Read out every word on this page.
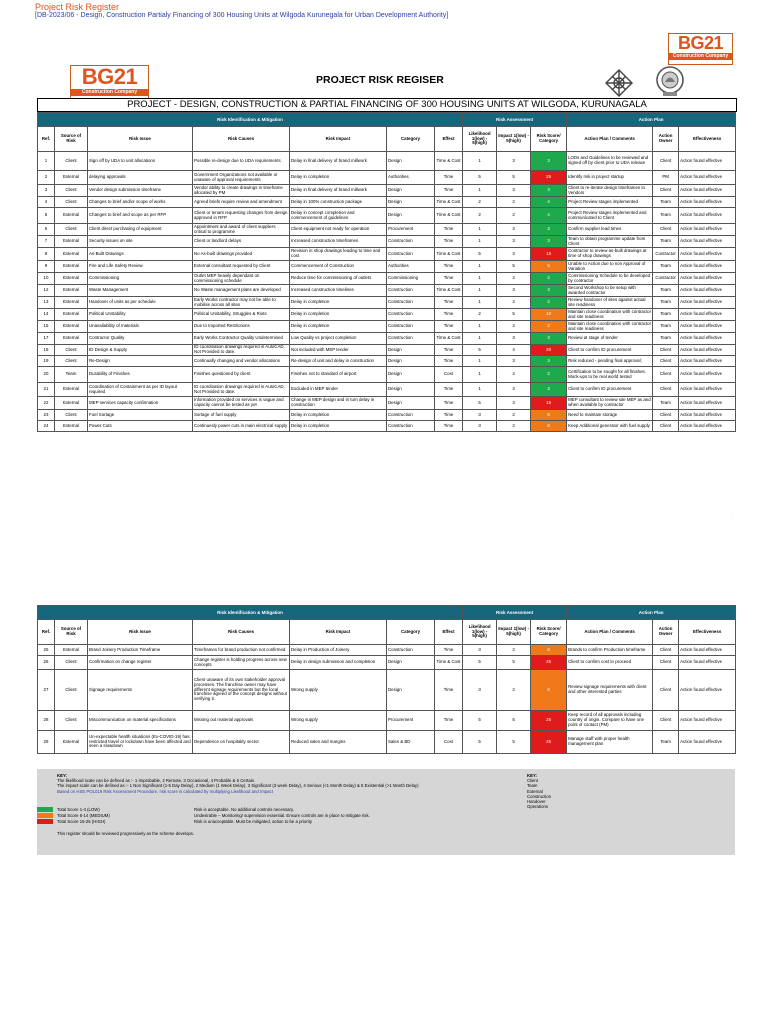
Project Risk Register
[DB-2023/06 - Design, Construction Partialy Financing of 300 Housing Units at Wilgoda Kurunegala for Urban Development Authority]
BG21
Construction Company
BG21
Construction Company
PROJECT RISK REGISER
PROJECT - DESIGN, CONSTRUCTION & PARTIAL FINANCING OF 300 HOUSING UNITS AT WILGODA, KURUNAGALA
Risk Identification & Mitigation							Risk Assessment			Action Plan		
Ref.	Source of Risk	Risk Issue	Risk Causes	Risk Impact	Category	Effect	Likelihood 1(low) - 5(high)	Impact 1(low) - 5(high)	Risk Score/ Category	Action Plan / Comments	Action Owner	Effectiveness
1	Client	Sign off by UDA to unit allocations	Possible re-design due to UDA requirements	Delay in final delivery of brand millwork	Design	Time & Cost	1	3	3	LODs and Guidelines to be reviewed and signed off by client prior to UDA release	Client	Action found effective
2	External	delaying approvals	Government Organizations not available or unaware of approval requirements	Delay in completion	Authorities	Time	5	5	25	Identify risk in project startup	PM	Action found effective
3	Client	Vendor design submission timeframe	Vendor ability to create drawings in timeframe allocated by PM	Delay in final delivery of brand millwork	Design	Time	1	3	3	Client to re-iterate design timeframes to Vendors	Client	Action found effective
4	Client	Changes to brief and/or scope of works	Agreed briefs require review and amendment	Delay in 100% construction package	Design	Time & Cost	2	2	4	Project Review stages implemented	Team	Action found effective
5	External	Changes to brief and scope as per RFP	Client or tenant requesting changes from design approved in RFP	Delay in concept completion and commencement of guidelines	Design	Time & Cost	2	2	4	Project Review stages implemented and communicated to Client	Team	Action found effective
6	Client	Client direct purchasing of equipment	Appointment and award of client suppliers critical to programme	Client equipment not ready for operation	Procurement	Time	1	3	3	Confirm supplier lead times	Client	Action found effective
7	External	Security issues on site	Client or landlord delays	Increased construction timeframes	Construction	Time	1	3	3	Team to obtain programme update from Client	Team	Action found effective
8	External	As-Built Drawings	No As-built drawings provided	Revision in shop drawings leading to time and cost	Construction	Time & Cost	5	3	15	Contractor to review as-built drawings at time of shop drawings	Contractor	Action found effective
9	External	Fire and Life Safety Review	External consultant requested by Client	Commencement of Construction	Authorities	Time	1	5	5	Unable to Action due to non Approval of Variation	Team	Action found effective
10	External	Commissioning	Outlet MEP heavily dependant on commissioning schedule	Reduce time for commissioning of outlets	Commissioning	Time	1	2	2	Commissioning Schedule to be developed by contractor	Contractor	Action found effective
12	External	Waste Management	No Waste management plans are developed	Increased construction timelines	Construction	Time & Cost	1	3	3	Second Workshop to be setup with awarded contractor	Team	Action found effective
13	External	Handover of units as per schedule	Early Works contractor may not be able to mobilise across all sites	Delay in completion	Construction	Time	1	2	2	Review handover of sites against actual site readiness	Team	Action found effective
14	External	Political Unstability	Political Unstability, Struggles & Riots	Delay in completion	Construction	Time	2	5	10	Maintain close coordination with contractor and site readiness	Team	Action found effective
15	External	Unavailability of materials	Due to Imported Restrictions	Delay in completion	Construction	Time	1	2	2	Maintain close coordination with contractor and site readiness	Team	Action found effective
17	External	Contractor Quality	Early Works Contractor Quality Undetermined	Low Quality vs project completion	Construction	Time & Cost	1	3	3	Review at stage of tender	Team	Action found effective
18	Client	ID Design & Supply	ID coordination drawings required in AutoCAD. Not Provided to date.	Not included with MEP tender	Design	Time	5	4	20	Client to confirm ID procurement	Client	Action found effective
19	Client	Re-Design	Continually changing and vendor allocations	Re-design of unit and delay in construction	Design	Time	1	3	3	Risk reduced - pending final approval;	Client	Action found effective
20	Team	Durability of Finishes	Finishes questioned by client	Finishes not to standard of airport	Design	Cost	1	2	2	Certification to be sought for all finishes. Mock-ups to be real world tested	Client	Action found effective
21	External	Coordination of Containment as per ID layout required	ID coordination drawings required in AutoCAD. Not Provided to date.	Excluded in MEP tender	Design	Time	1	3	3	Client to confirm ID procurement	Client	Action found effective
22	External	MEP services capacity confirmation	Information provided on services is vague and capacity cannot be tested as yet	Change in MEP design and in turn delay in construction	Design	Time	5	3	15	MEP consultant to review site MEP as and when available by contractor	Team	Action found effective
23	Client	Fuel Sortage	Sortage of fuel supply	Delay in completion	Construction	Time	3	2	6	Need to maintain storage	Client	Action found effective
24	External	Power Cuts	Continuesly power cuts in main electrical supply	Delay in completion	Construction	Time	3	2	6	Keep Additional generator with fuel supply	Client	Action found effective
·
Risk Identification & Mitigation							Risk Assessment			Action Plan		
Ref.	Source of Risk	Risk Issue	Risk Causes	Risk Impact	Category	Effect	Likelihood 1(low) - 5(high)	Impact 1(low) - 5(high)	Risk Score/ Category	Action Plan / Comments	Action Owner	Effectiveness
25	External	Brand Joinery Production Timeframe	Timeframes for brand production not confirmed	Delay in Production of Joinery	Construction	Time	3	2	6	Brands to confirm Production timeframe	Client	Action found effective
26	Client	Confirmation on change register	Change register is holding progress across new concepts	Delay in design submission and completion	Design	Time & Cost	5	5	25	Client to confirm cost to proceed	Client	Action found effective
27	Client	Signage requirements	Client unaware of its own stakeholder approval processes. The franchise owner may have different signage requirements but the local franchise agreed of the concept designs without verifying it.	Wrong supply	Design	Time	3	2	6	Review signage requirements with client and other interested parties	Client	Action found effective
28	Client	Miscommunication on material specifications	Missing out material approvals	Wrong supply	Procurement	Time	5	5	25	Keep record of all approvals including country of origin. Compare to have one point of contact (PM)	Client	Action found effective
29	External	Un-expectable health situations (Ex-COVID-19) has restricted travel or lockdown have been affected and seen a slowdown	Dependence on hospitality sector	Reduced sales and margins	Sales & BD	Cost	5	5	25	Manage staff with proper health management plan	Team	Action found effective
KEY:
The likelihood scale can be defined as :- 1 Improbable, 2 Remote, 3 Occasional, 4 Probable & 5 Certain.
The impact scale can be defined as :- 1 Non Significant (1-5 Day Delay), 2 Medium (1 Week Delay), 3 Significant (3 week Delay), 4 Serious (<1 Month Delay) & 5 Existential (>1 Month Delay)
Based on HSE POL019 Risk Assessment Procedure, risk score is calculated by multiplying Likelihood and Impact
Total Score 1-4 (LOW)	Risk is acceptable. No additional controls necessary.
Total Score 5-14 (MEDIUM)	Undesirable – Monitoring/ supervision essential. Ensure controls are in place to mitigate risk.
Total Score 15-25 (HIGH)	Risk is unacceptable. Must be mitigated, action to be a priority
This register should be reviewed progressively as the scheme develops.
KEY:
Client
Team
External
Construction
Handover
Operations
